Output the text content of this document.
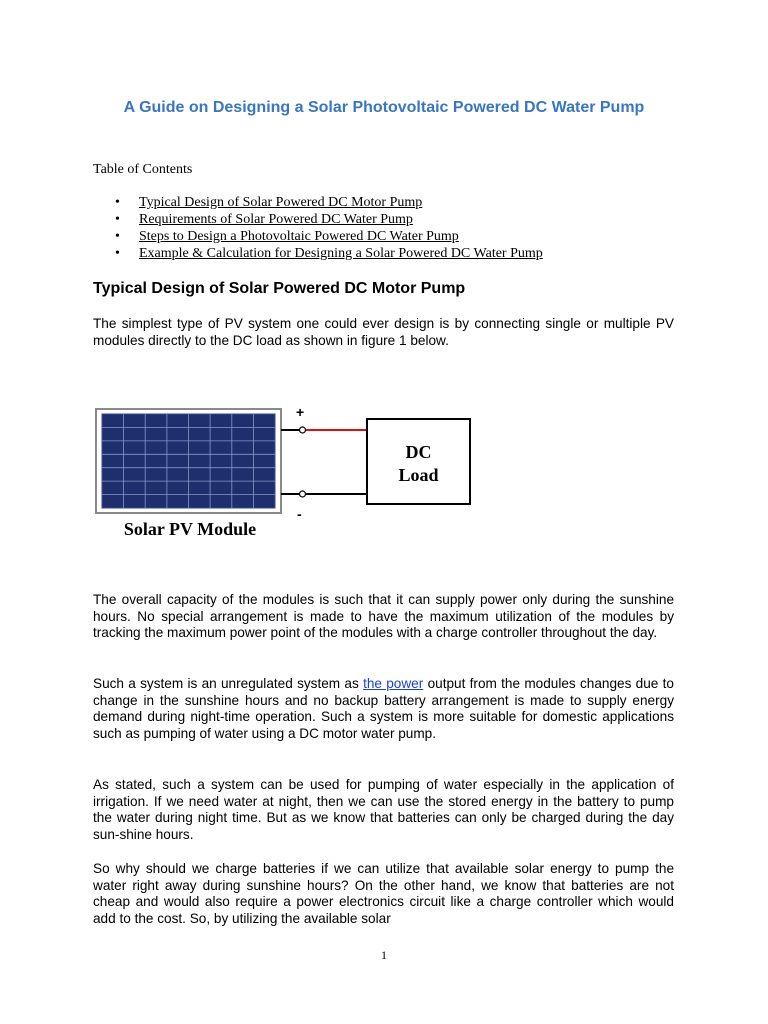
A Guide on Designing a Solar Photovoltaic Powered DC Water Pump

Table of Contents

• Typical Design of Solar Powered DC Motor Pump
• Requirements of Solar Powered DC Water Pump
• Steps to Design a Photovoltaic Powered DC Water Pump
• Example & Calculation for Designing a Solar Powered DC Water Pump
Typical Design of Solar Powered DC Motor Pump

The simplest type of PV system one could ever design is by connecting single or multiple PV modules directly to the DC load as shown in figure 1 below.

+
-
DC
Load
Solar PV Module

The overall capacity of the modules is such that it can supply power only during the sunshine hours. No special arrangement is made to have the maximum utilization of the modules by tracking the maximum power point of the modules with a charge controller throughout the day.

Such a system is an unregulated system as the power output from the modules changes due to change in the sunshine hours and no backup battery arrangement is made to supply energy demand during night-time operation. Such a system is more suitable for domestic applications such as pumping of water using a DC motor water pump.

As stated, such a system can be used for pumping of water especially in the application of irrigation. If we need water at night, then we can use the stored energy in the battery to pump the water during night time. But as we know that batteries can only be charged during the day sun-shine hours.

So why should we charge batteries if we can utilize that available solar energy to pump the water right away during sunshine hours? On the other hand, we know that batteries are not cheap and would also require a power electronics circuit like a charge controller which would add to the cost. So, by utilizing the available solar

1
